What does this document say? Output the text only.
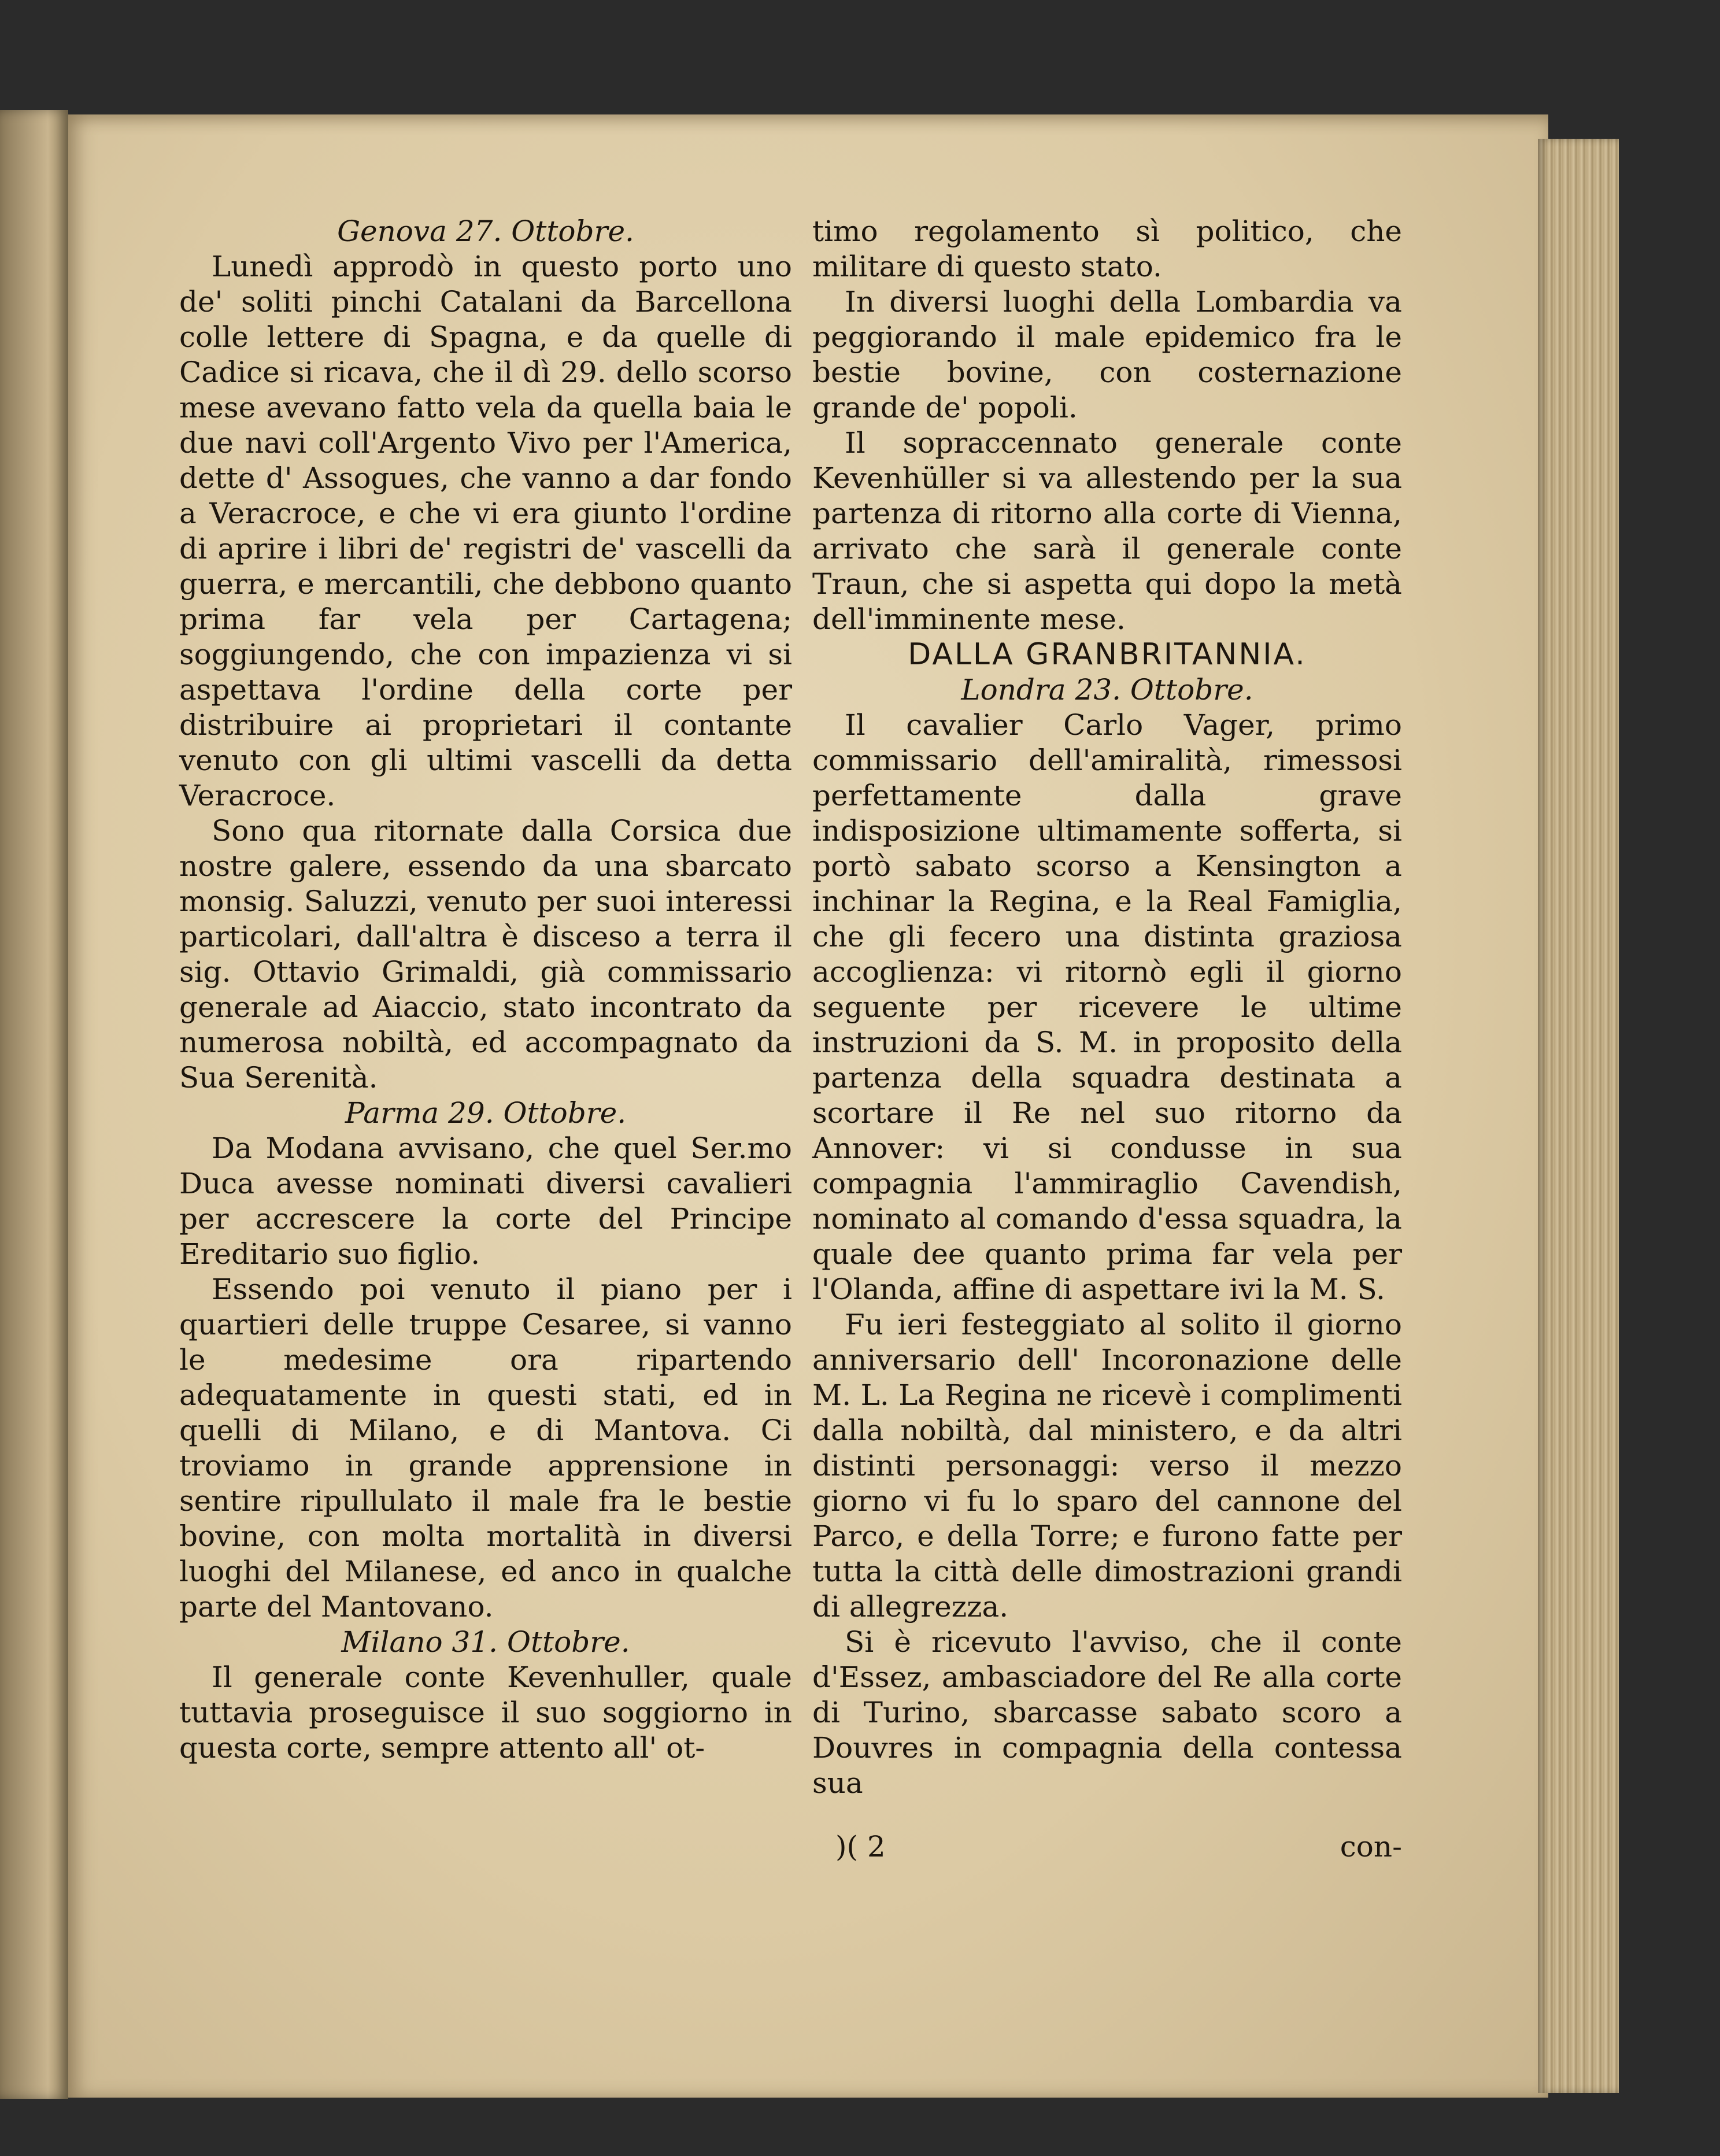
Genova 27. Ottobre.

Lunedì approdò in questo porto uno de' soliti pinchi Catalani da Barcellona colle lettere di Spagna, e da quelle di Cadice si ricava, che il dì 29. dello scorso mese avevano fatto vela da quella baia le due navi coll'Argento Vivo per l'America, dette d' Assogues, che vanno a dar fondo a Veracroce, e che vi era giunto l'ordine di aprire i libri de' registri de' vascelli da guerra, e mercantili, che debbono quanto prima far vela per Cartagena; soggiungendo, che con impazienza vi si aspettava l'ordine della corte per distribuire ai proprietari il contante venuto con gli ultimi vascelli da detta Veracroce.

Sono qua ritornate dalla Corsica due nostre galere, essendo da una sbarcato monsig. Saluzzi, venuto per suoi interessi particolari, dall'altra è disceso a terra il sig. Ottavio Grimaldi, già commissario generale ad Aiaccio, stato incontrato da numerosa nobiltà, ed accompagnato da Sua Serenità.

Parma 29. Ottobre.

Da Modana avvisano, che quel Ser.mo Duca avesse nominati diversi cavalieri per accrescere la corte del Principe Ereditario suo figlio.

Essendo poi venuto il piano per i quartieri delle truppe Cesaree, si vanno le medesime ora ripartendo adequatamente in questi stati, ed in quelli di Milano, e di Mantova. Ci troviamo in grande apprensione in sentire ripullulato il male fra le bestie bovine, con molta mortalità in diversi luoghi del Milanese, ed anco in qualche parte del Mantovano.

Milano 31. Ottobre.

Il generale conte Kevenhuller, quale tuttavia proseguisce il suo soggiorno in questa corte, sempre attento all' ot-

timo regolamento sì politico, che militare di questo stato.

In diversi luoghi della Lombardia va peggiorando il male epidemico fra le bestie bovine, con costernazione grande de' popoli.

Il sopraccennato generale conte Kevenhüller si va allestendo per la sua partenza di ritorno alla corte di Vienna, arrivato che sarà il generale conte Traun, che si aspetta qui dopo la metà dell'imminente mese.

DALLA GRANBRITANNIA.

Londra 23. Ottobre.

Il cavalier Carlo Vager, primo commissario dell'amiralità, rimessosi perfettamente dalla grave indisposizione ultimamente sofferta, si portò sabato scorso a Kensington a inchinar la Regina, e la Real Famiglia, che gli fecero una distinta graziosa accoglienza: vi ritornò egli il giorno seguente per ricevere le ultime instruzioni da S. M. in proposito della partenza della squadra destinata a scortare il Re nel suo ritorno da Annover: vi si condusse in sua compagnia l'ammiraglio Cavendish, nominato al comando d'essa squadra, la quale dee quanto prima far vela per l'Olanda, affine di aspettare ivi la M. S.

Fu ieri festeggiato al solito il giorno anniversario dell' Incoronazione delle M. L. La Regina ne ricevè i complimenti dalla nobiltà, dal ministero, e da altri distinti personaggi: verso il mezzo giorno vi fu lo sparo del cannone del Parco, e della Torre; e furono fatte per tutta la città delle dimostrazioni grandi di allegrezza.

Si è ricevuto l'avviso, che il conte d'Essez, ambasciadore del Re alla corte di Turino, sbarcasse sabato scoro a Douvres in compagnia della contessa sua

)( 2	con-
